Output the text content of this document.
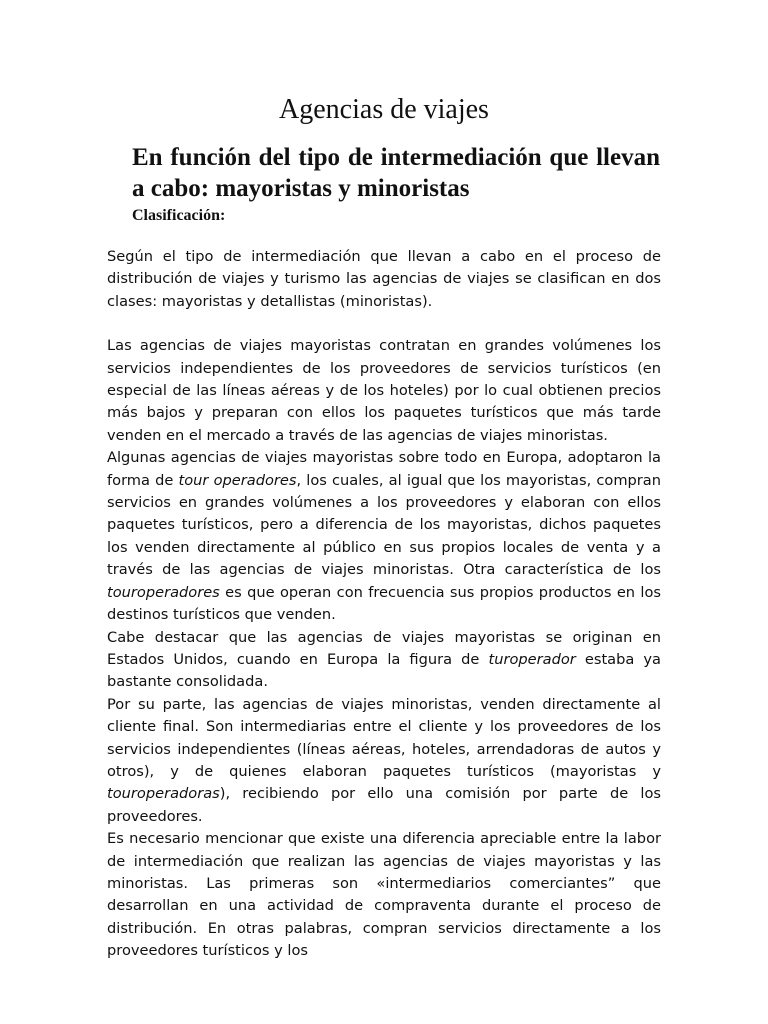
Agencias de viajes
En función del tipo de intermediación que llevan a cabo: mayoristas y minoristas
Clasificación:

Según el tipo de intermediación que llevan a cabo en el proceso de distribución de viajes y turismo las agencias de viajes se clasifican en dos clases: mayoristas y detallistas (minoristas).

Las agencias de viajes mayoristas contratan en grandes volúmenes los servicios independientes de los proveedores de servicios turísticos (en especial de las líneas aéreas y de los hoteles) por lo cual obtienen precios más bajos y preparan con ellos los paquetes turísticos que más tarde venden en el mercado a través de las agencias de viajes minoristas.

Algunas agencias de viajes mayoristas sobre todo en Europa, adoptaron la forma de tour operadores, los cuales, al igual que los mayoristas, compran servicios en grandes volúmenes a los proveedores y elaboran con ellos paquetes turísticos, pero a diferencia de los mayoristas, dichos paquetes los venden directamente al público en sus propios locales de venta y a través de las agencias de viajes minoristas. Otra característica de los touroperadores es que operan con frecuencia sus propios productos en los destinos turísticos que venden.

Cabe destacar que las agencias de viajes mayoristas se originan en Estados Unidos, cuando en Europa la figura de turoperador estaba ya bastante consolidada.

Por su parte, las agencias de viajes minoristas, venden directamente al cliente final. Son intermediarias entre el cliente y los proveedores de los servicios independientes (líneas aéreas, hoteles, arrendadoras de autos y otros), y de quienes elaboran paquetes turísticos (mayoristas y touroperadoras), recibiendo por ello una comisión por parte de los proveedores.

Es necesario mencionar que existe una diferencia apreciable entre la labor de intermediación que realizan las agencias de viajes mayoristas y las minoristas. Las primeras son «intermediarios comerciantes” que desarrollan en una actividad de compraventa durante el proceso de distribución. En otras palabras, compran servicios directamente a los proveedores turísticos y los
